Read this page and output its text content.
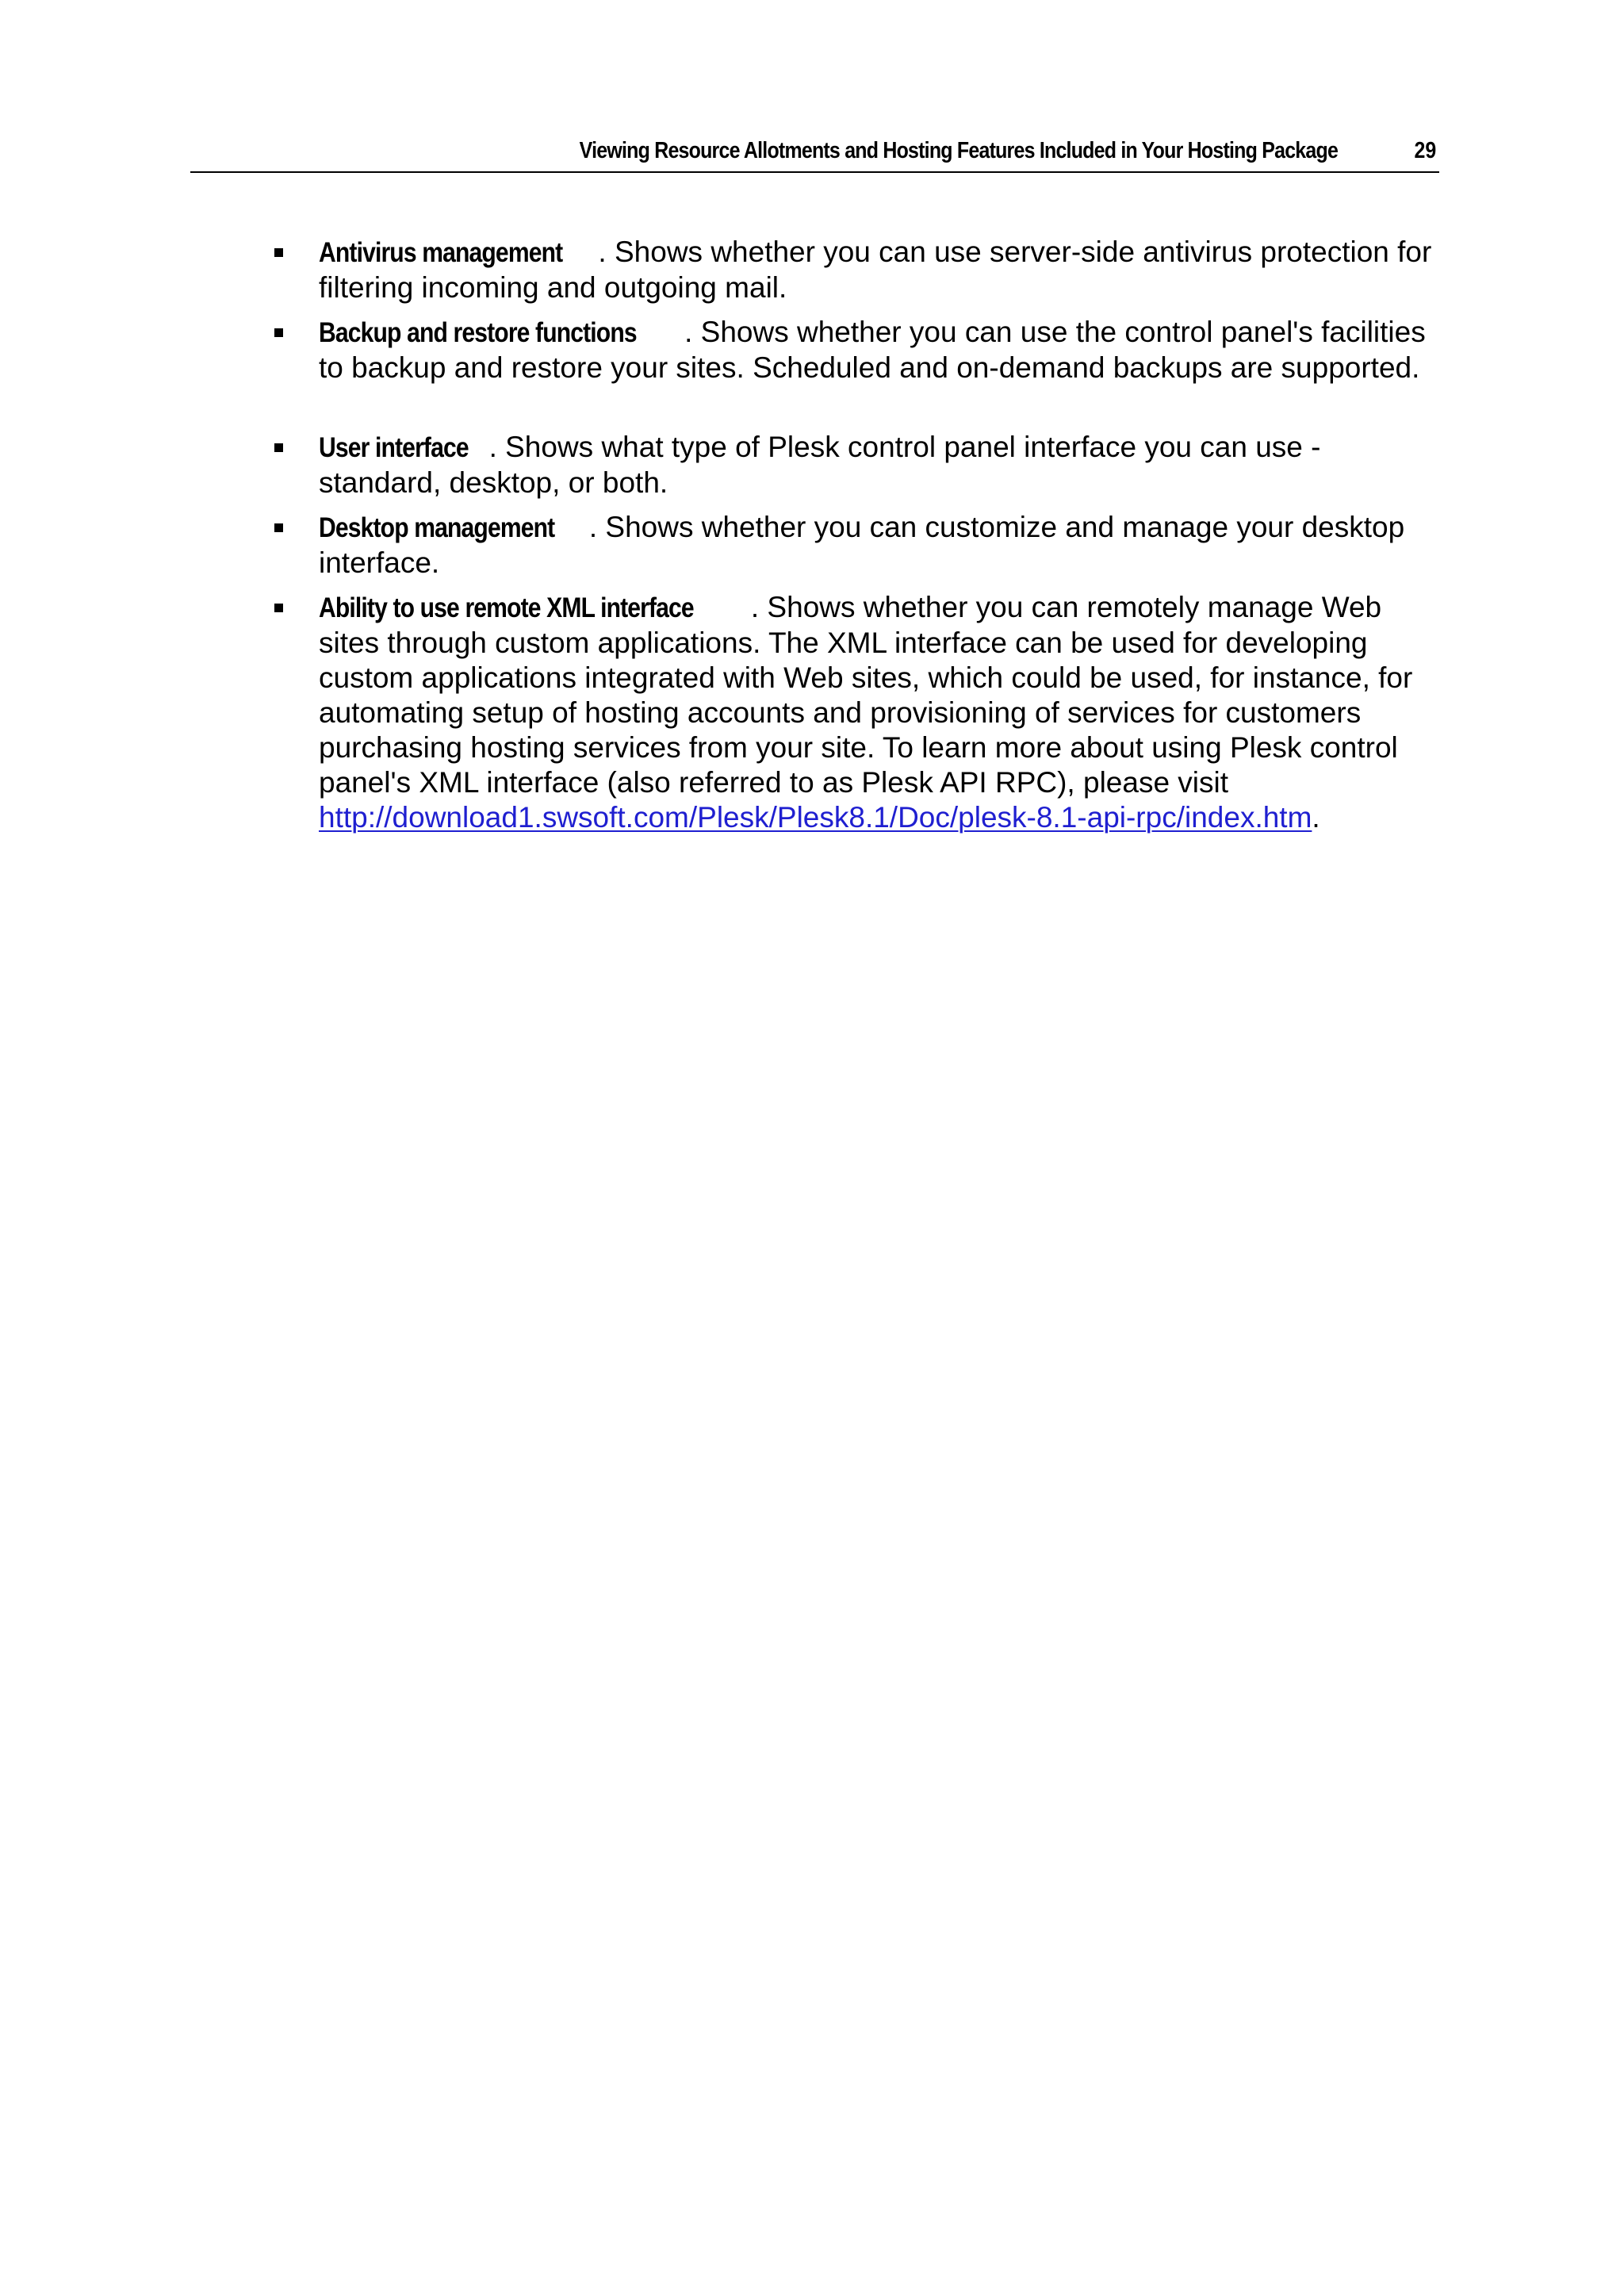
Viewing Resource Allotments and Hosting Features Included in Your Hosting Package	29
Antivirus management . Shows whether you can use server-side antivirus protection for filtering incoming and outgoing mail.
Backup and restore functions . Shows whether you can use the control panel's facilities to backup and restore your sites. Scheduled and on-demand backups are supported.
User interface . Shows what type of Plesk control panel interface you can use - standard, desktop, or both.
Desktop management . Shows whether you can customize and manage your desktop interface.
Ability to use remote XML interface . Shows whether you can remotely manage Web sites through custom applications. The XML interface can be used for developing custom applications integrated with Web sites, which could be used, for instance, for automating setup of hosting accounts and provisioning of services for customers purchasing hosting services from your site. To learn more about using Plesk control panel's XML interface (also referred to as Plesk API RPC), please visit http://download1.swsoft.com/Plesk/Plesk8.1/Doc/plesk-8.1-api-rpc/index.htm.
